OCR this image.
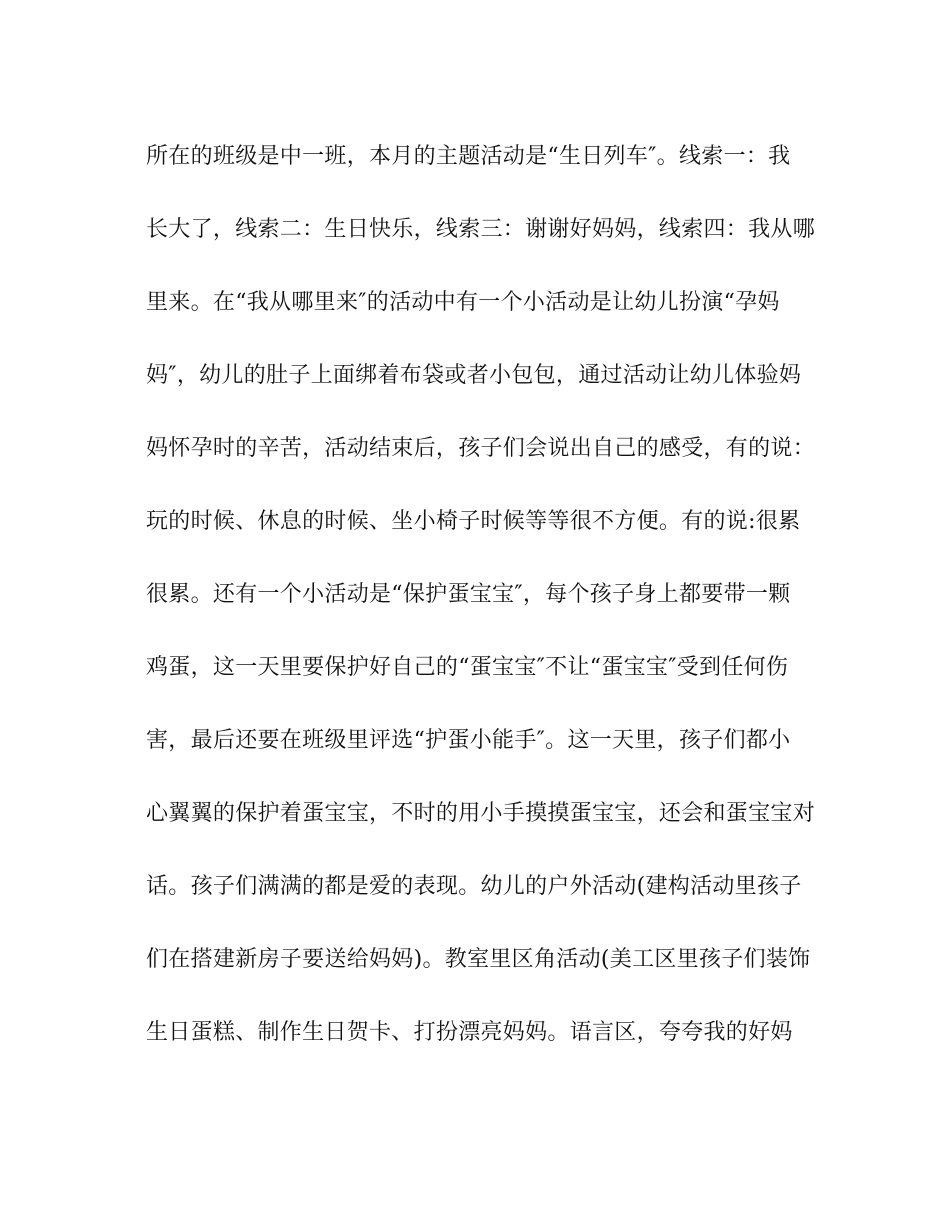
所在的班级是中一班，本月的主题活动是“生日列车″。线索一：我
长大了，线索二：生日快乐，线索三：谢谢好妈妈，线索四：我从哪
里来。在“我从哪里来″的活动中有一个小活动是让幼儿扮演“孕妈
妈″，幼儿的肚子上面绑着布袋或者小包包，通过活动让幼儿体验妈
妈怀孕时的辛苦，活动结束后，孩子们会说出自己的感受，有的说：
玩的时候、休息的时候、坐小椅子时候等等很不方便。有的说:很累
很累。还有一个小活动是“保护蛋宝宝″，每个孩子身上都要带一颗
鸡蛋，这一天里要保护好自己的“蛋宝宝″不让“蛋宝宝″受到任何伤
害，最后还要在班级里评选“护蛋小能手″。这一天里，孩子们都小
心翼翼的保护着蛋宝宝，不时的用小手摸摸蛋宝宝，还会和蛋宝宝对
话。孩子们满满的都是爱的表现。幼儿的户外活动(建构活动里孩子
们在搭建新房子要送给妈妈)。教室里区角活动(美工区里孩子们装饰
生日蛋糕、制作生日贺卡、打扮漂亮妈妈。语言区，夸夸我的好妈
